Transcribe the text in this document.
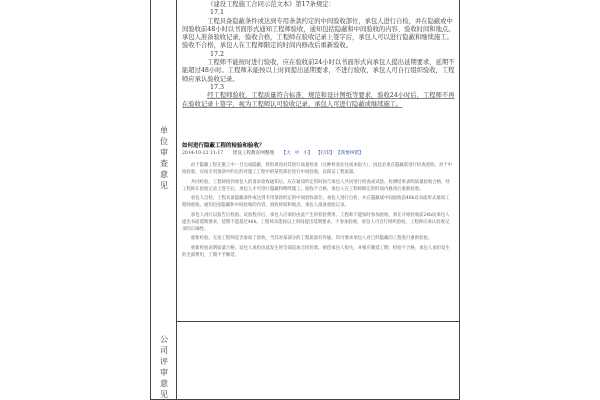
单
位
审
查
意
见
公
司
评
审
意
见

《建设工程施工合同示范文本》第17条规定：

17.1

工程具备隐蔽条件或达到专用条款约定的中间验收部位，承包人进行自检，并在隐蔽或中间验收前48小时以书面形式通知工程师验收，通知包括隐蔽和中间验收的内容、验收时间和地点。承包人准备验收记录，验收合格，工程师在验收记录上签字后，承包人可以进行隐蔽和继续施工。验收不合格，承包人在工程师限定的时间内修改后重新验收。

17.2

工程师不能按时进行验收，应在验收前24小时以书面形式向承包人提出延期要求，延期不能超过48小时。工程师未能按以上时间提出延期要求，不进行验收，承包人可自行组织验收，工程师应承认验收记录。

17.3

经工程师验收，工程质量符合标准、规范和设计图纸等要求，验收24小时后，工程师不再在验收记录上签字，视为工程师认可验收记录，承包人可进行隐蔽或继续施工。

如何进行隐蔽工程的检验和验收？
2014-10-22 11:17 建设工程教育网整理 【大 中 小】 【打印】 【我要纠错】

由于隐蔽工程在施工中一旦完成隐蔽，将很难再对其进行质量检查（这种检查往往成本很大），因此必须在隐蔽前进行检查验收。对于中间验收，应按专用条款中约定的对施工工程中的某些部位进行中间验收，以保证工程质量。

共同检验。工程师接到承包人的请求验收通知后，应在通知约定的时间与承包人共同进行检查或试验。检测结果表明质量验收合格，经工程师在验收记录上签字后，承包人才可进行隐蔽和继续施工。验收不合格，承包人在工程师限定的时间内修改后重新验收。

承包人自检。工程具备隐蔽条件或达到专用条款约定的中间验收部位，承包人进行自检，并在隐蔽或中间验收前48h以书面形式通知工程师验收。通知包括隐蔽和中间验收的内容、验收时间和地点。承包人准备验收记录。

承包人再行以报告后检验、试验程序后，承包人应承担由此产生的检验费用。工程师不能按时参加验收，须在开始验收前24h向承包人提出书面延期要求，延期不能超过48h。工程师未能按以上时间提出延期要求，不参加验收，承包人可自行组织验收，工程师应承认验收记录的正确性。

重新检验。无论工程师是否参加了验收，当其对某部分的工程质量有怀疑，均可要求承包人对已经隐蔽的工程进行重新检验。

重新检验表明质量合格，发包人承担由此发生的全部追加合同价款，赔偿承包人损失，并相应顺延工期；检验不合格，承包人承担发生的全部费用，工期不予顺延。
